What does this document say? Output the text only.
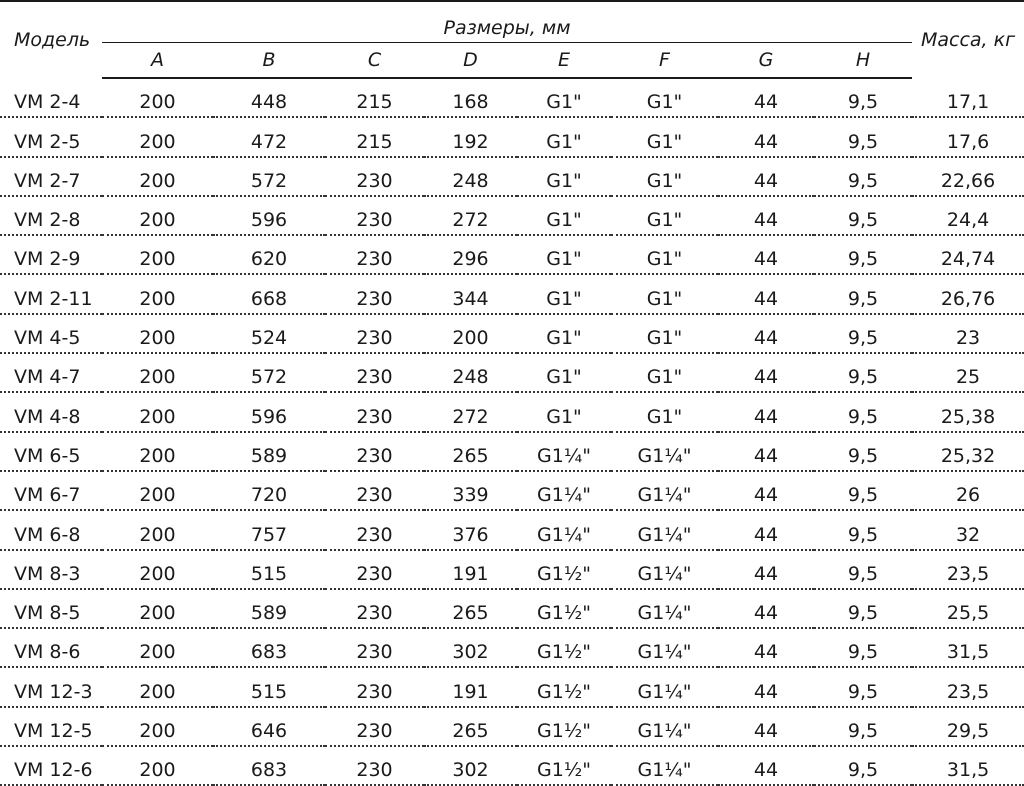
Модель	Размеры, мм								Масса, кг
	A	B	C	D	E	F	G	H	
VM 2-4	200	448	215	168	G1"	G1"	44	9,5	17,1
VM 2-5	200	472	215	192	G1"	G1"	44	9,5	17,6
VM 2-7	200	572	230	248	G1"	G1"	44	9,5	22,66
VM 2-8	200	596	230	272	G1"	G1"	44	9,5	24,4
VM 2-9	200	620	230	296	G1"	G1"	44	9,5	24,74
VM 2-11	200	668	230	344	G1"	G1"	44	9,5	26,76
VM 4-5	200	524	230	200	G1"	G1"	44	9,5	23
VM 4-7	200	572	230	248	G1"	G1"	44	9,5	25
VM 4-8	200	596	230	272	G1"	G1"	44	9,5	25,38
VM 6-5	200	589	230	265	G1¼"	G1¼"	44	9,5	25,32
VM 6-7	200	720	230	339	G1¼"	G1¼"	44	9,5	26
VM 6-8	200	757	230	376	G1¼"	G1¼"	44	9,5	32
VM 8-3	200	515	230	191	G1½"	G1¼"	44	9,5	23,5
VM 8-5	200	589	230	265	G1½"	G1¼"	44	9,5	25,5
VM 8-6	200	683	230	302	G1½"	G1¼"	44	9,5	31,5
VM 12-3	200	515	230	191	G1½"	G1¼"	44	9,5	23,5
VM 12-5	200	646	230	265	G1½"	G1¼"	44	9,5	29,5
VM 12-6	200	683	230	302	G1½"	G1¼"	44	9,5	31,5
